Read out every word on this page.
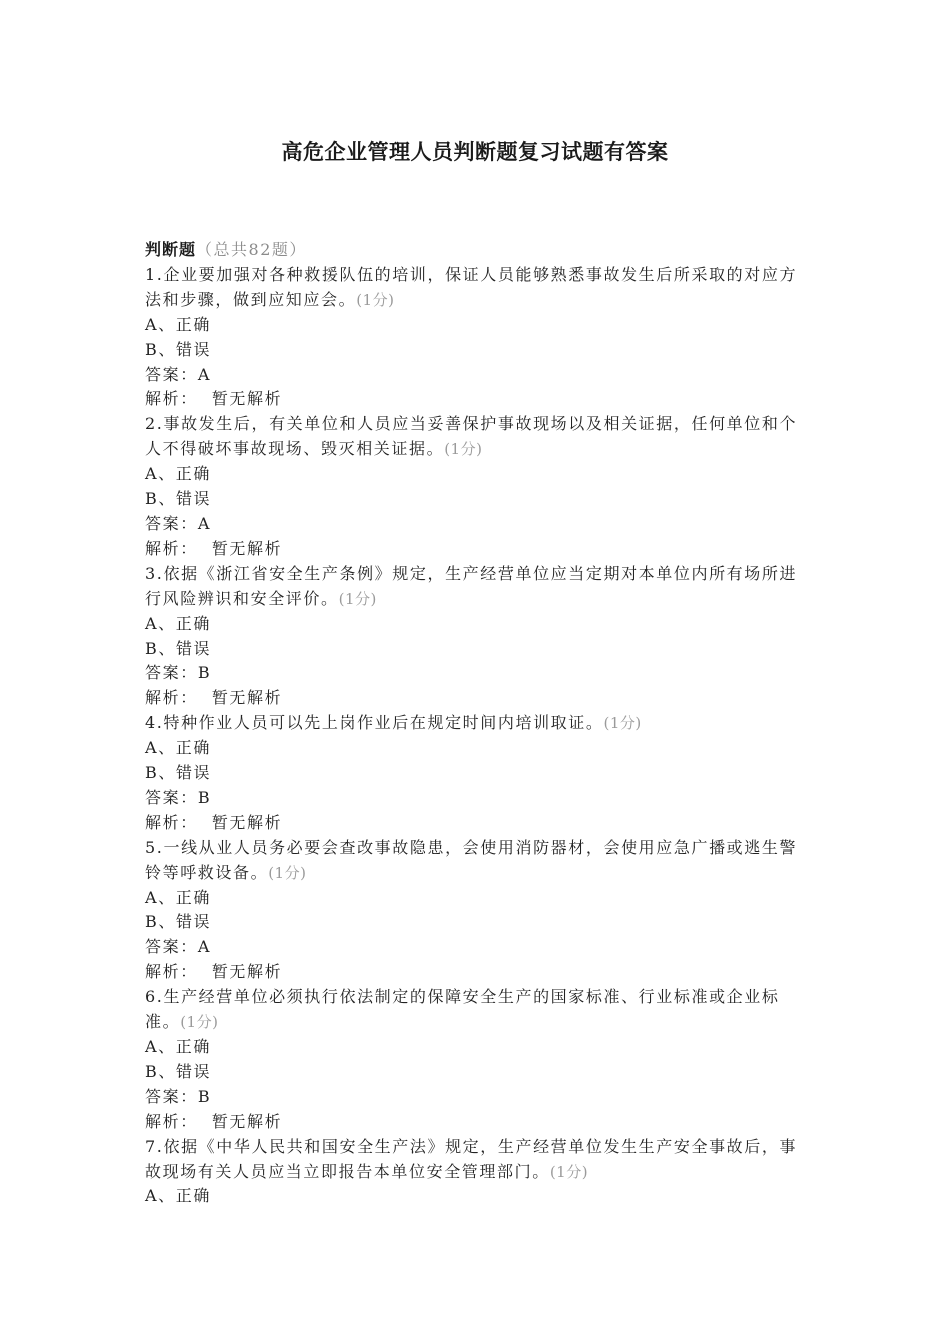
高危企业管理人员判断题复习试题有答案
判断题（总共82题）
1.企业要加强对各种救援队伍的培训，保证人员能够熟悉事故发生后所采取的对应方法和步骤，做到应知应会。(1分)
A、正确
B、错误
答案：A
解析： 暂无解析
2.事故发生后，有关单位和人员应当妥善保护事故现场以及相关证据，任何单位和个人不得破坏事故现场、毁灭相关证据。(1分)
A、正确
B、错误
答案：A
解析： 暂无解析
3.依据《浙江省安全生产条例》规定，生产经营单位应当定期对本单位内所有场所进行风险辨识和安全评价。(1分)
A、正确
B、错误
答案：B
解析： 暂无解析
4.特种作业人员可以先上岗作业后在规定时间内培训取证。(1分)
A、正确
B、错误
答案：B
解析： 暂无解析
5.一线从业人员务必要会查改事故隐患，会使用消防器材，会使用应急广播或逃生警铃等呼救设备。(1分)
A、正确
B、错误
答案：A
解析： 暂无解析
6.生产经营单位必须执行依法制定的保障安全生产的国家标准、行业标准或企业标准。(1分)
A、正确
B、错误
答案：B
解析： 暂无解析
7.依据《中华人民共和国安全生产法》规定，生产经营单位发生生产安全事故后，事故现场有关人员应当立即报告本单位安全管理部门。(1分)
A、正确
